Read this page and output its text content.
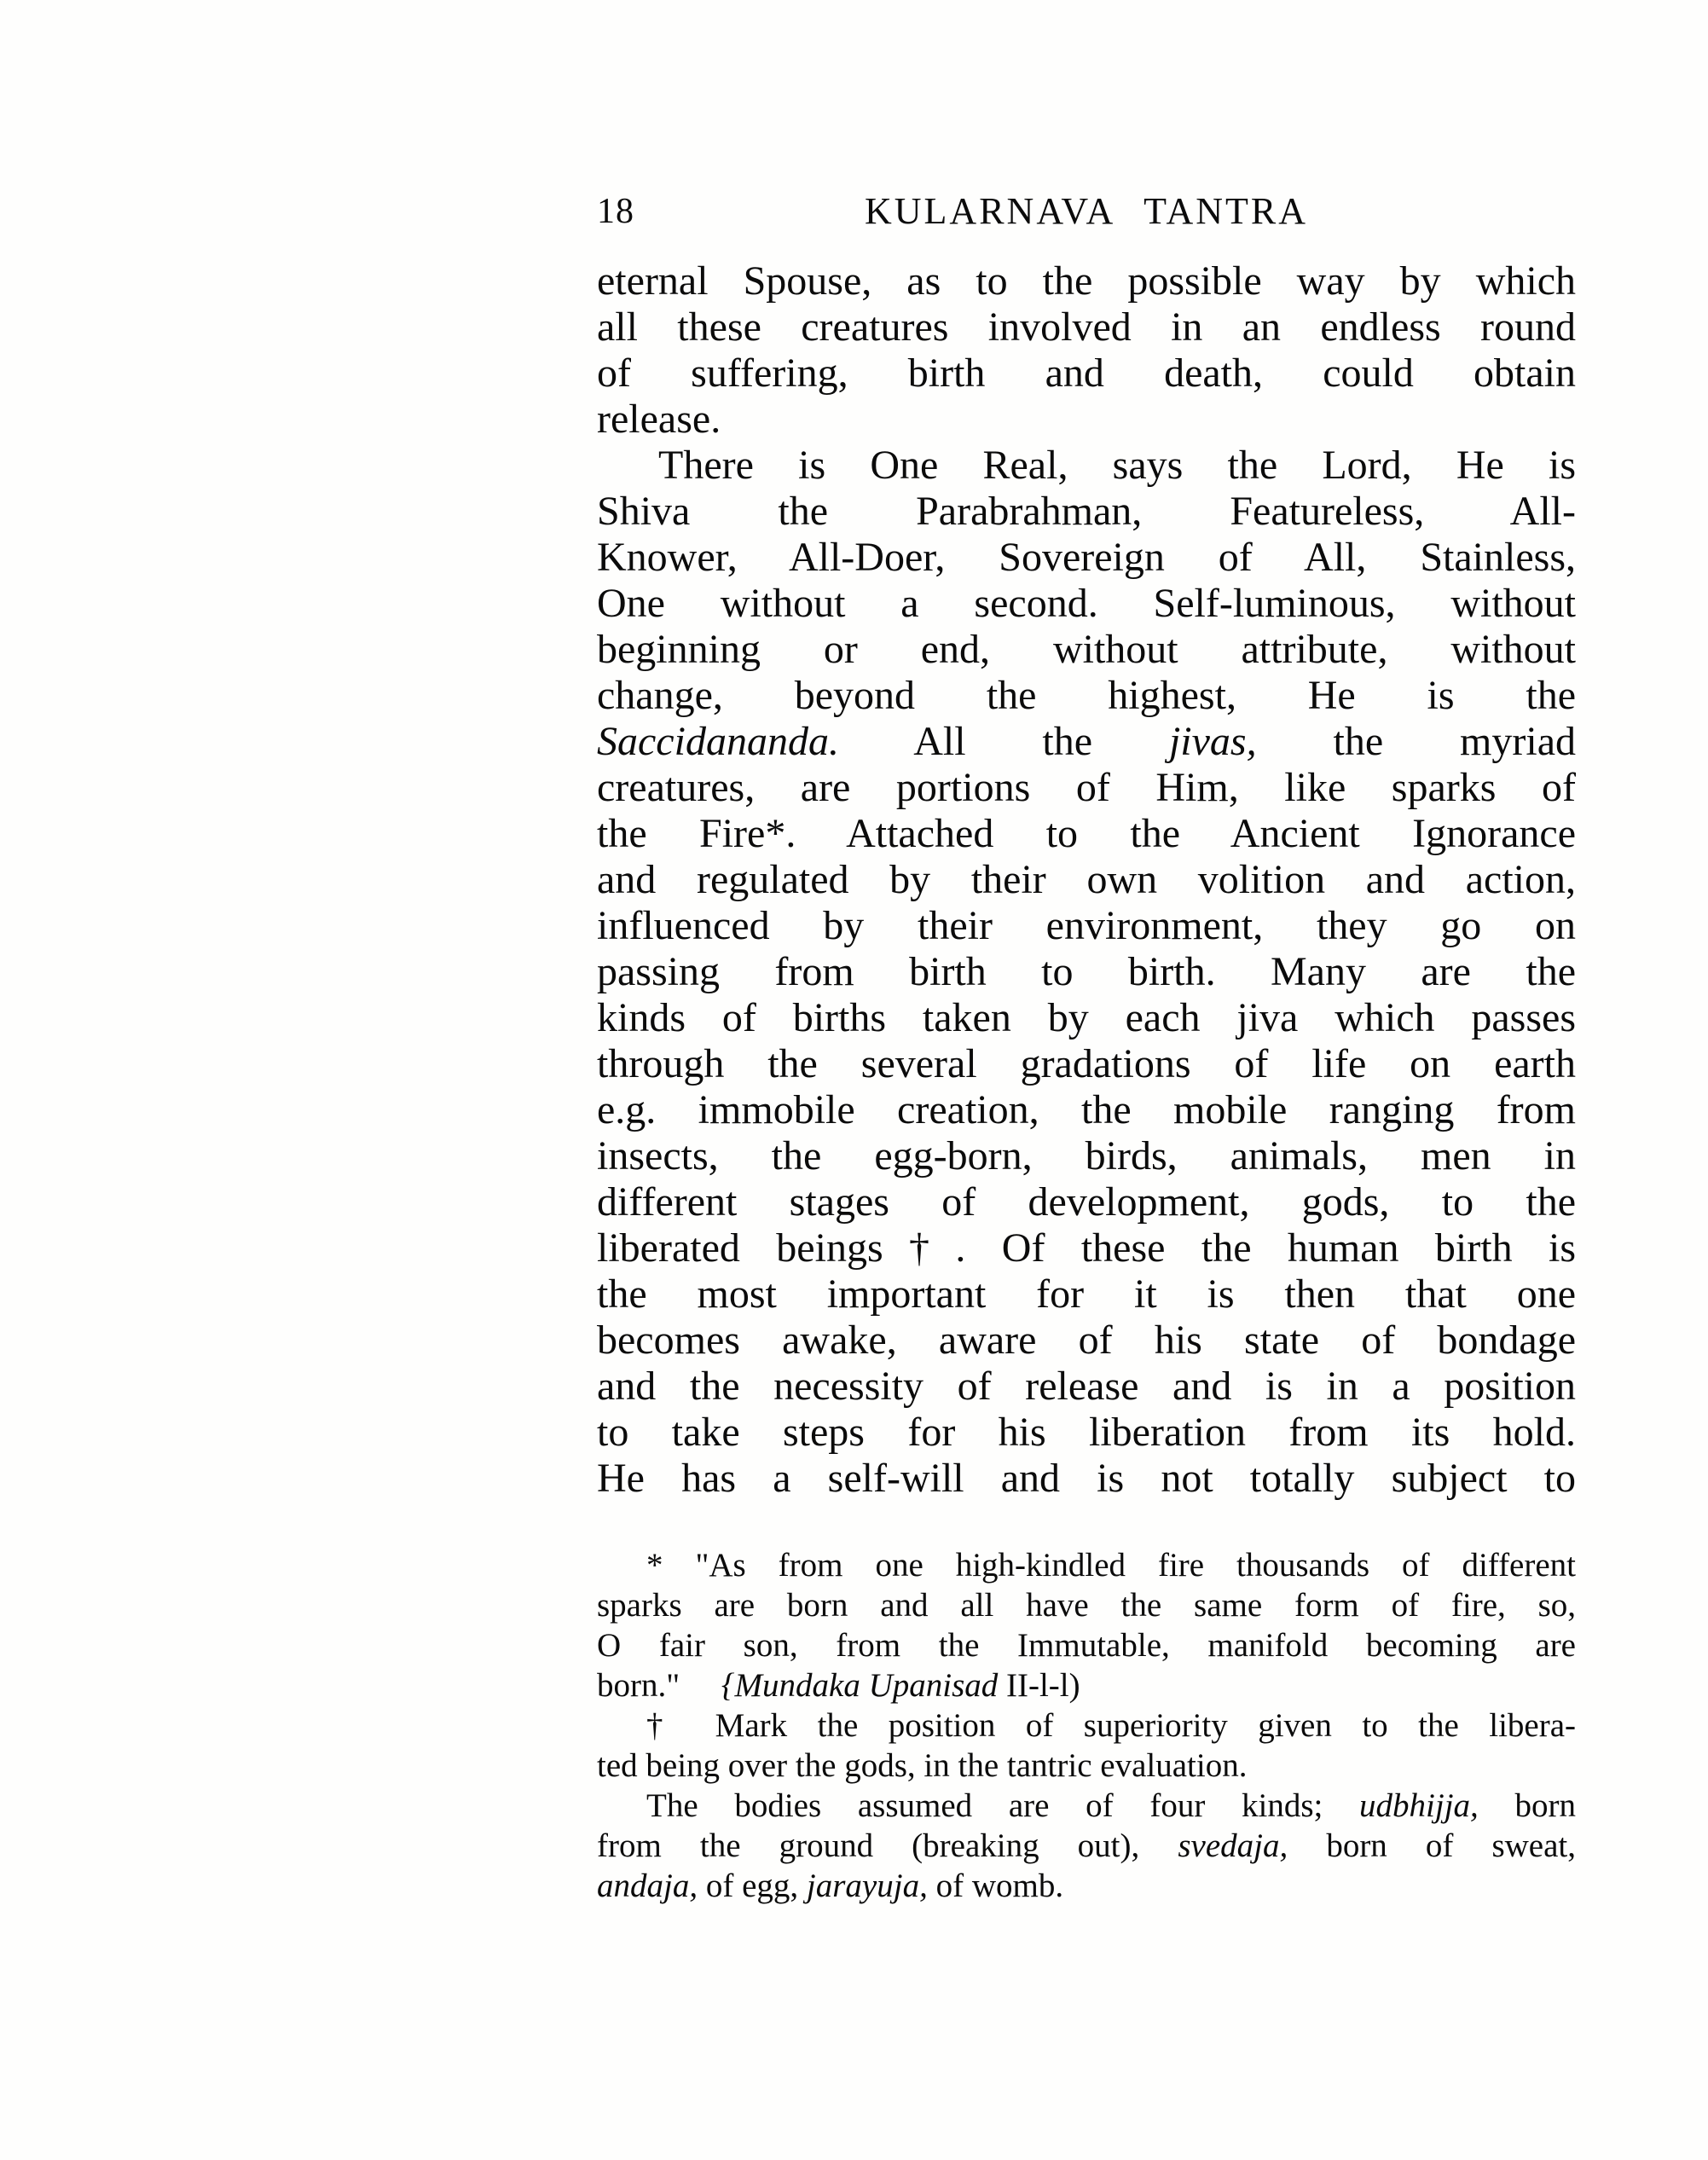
18	KULARNAVA TANTRA
eternal Spouse, as to the possible way by which
all these creatures involved in an endless round
of suffering, birth and death, could obtain
release.
There is One Real, says the Lord, He is
Shiva the Parabrahman, Featureless, All-
Knower, All-Doer, Sovereign of All, Stainless,
One without a second. Self-luminous, without
beginning or end, without attribute, without
change, beyond the highest, He is the
Saccidananda. All the jivas, the myriad
creatures, are portions of Him, like sparks of
the Fire*. Attached to the Ancient Ignorance
and regulated by their own volition and action,
influenced by their environment, they go on
passing from birth to birth. Many are the
kinds of births taken by each jiva which passes
through the several gradations of life on earth
e.g. immobile creation, the mobile ranging from
insects, the egg-born, birds, animals, men in
different stages of development, gods, to the
liberated beings†. Of these the human birth is
the most important for it is then that one
becomes awake, aware of his state of bondage
and the necessity of release and is in a position
to take steps for his liberation from its hold.
He has a self-will and is not totally subject to
* "As from one high-kindled fire thousands of different
sparks are born and all have the same form of fire, so,
O fair son, from the Immutable, manifold becoming are
born."     {Mundaka Upanisad II-l-l)
† Mark the position of superiority given to the libera-
ted being over the gods, in the tantric evaluation.
The bodies assumed are of four kinds; udbhijja, born
from the ground (breaking out), svedaja, born of sweat,
andaja, of egg, jarayuja, of womb.
